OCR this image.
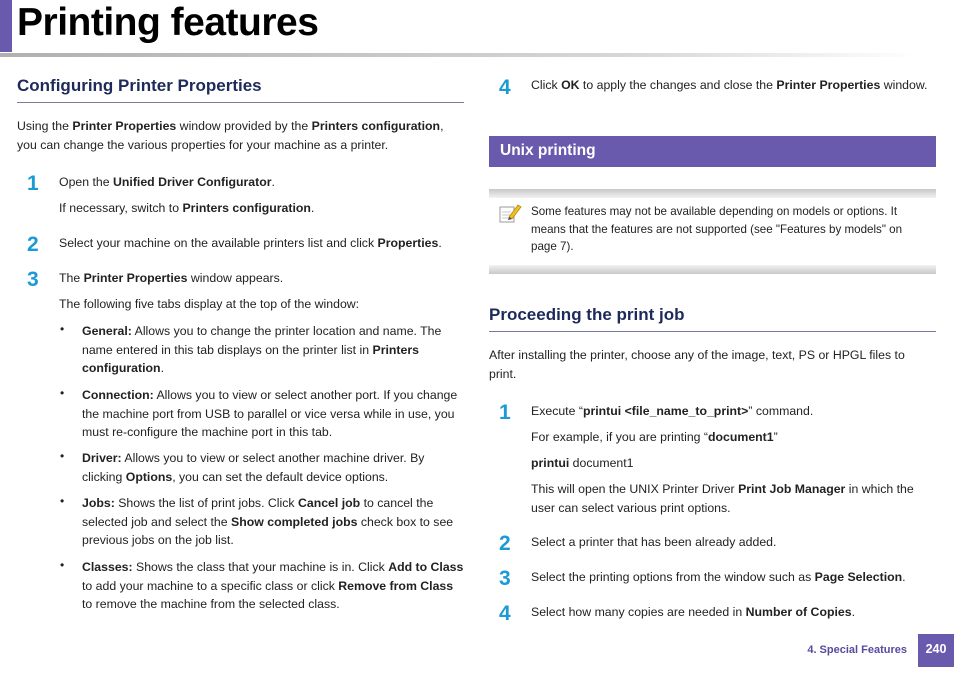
Printing features
Configuring Printer Properties
Using the Printer Properties window provided by the Printers configuration,
you can change the various properties for your machine as a printer.
1 Open the Unified Driver Configurator.
If necessary, switch to Printers configuration.
2 Select your machine on the available printers list and click Properties.
3 The Printer Properties window appears.
The following five tabs display at the top of the window:
• General: Allows you to change the printer location and name. The
name entered in this tab displays on the printer list in Printers
configuration.
• Connection: Allows you to view or select another port. If you change
the machine port from USB to parallel or vice versa while in use, you
must re-configure the machine port in this tab.
• Driver: Allows you to view or select another machine driver. By
clicking Options, you can set the default device options.
• Jobs: Shows the list of print jobs. Click Cancel job to cancel the
selected job and select the Show completed jobs check box to see
previous jobs on the job list.
• Classes: Shows the class that your machine is in. Click Add to Class
to add your machine to a specific class or click Remove from Class
to remove the machine from the selected class.
4 Click OK to apply the changes and close the Printer Properties window.
Unix printing
Some features may not be available depending on models or options. It
means that the features are not supported (see "Features by models" on
page 7).
Proceeding the print job
After installing the printer, choose any of the image, text, PS or HPGL files to
print.
1 Execute “printui <file_name_to_print>” command.
For example, if you are printing “document1”
printui document1
This will open the UNIX Printer Driver Print Job Manager in which the
user can select various print options.
2 Select a printer that has been already added.
3 Select the printing options from the window such as Page Selection.
4 Select how many copies are needed in Number of Copies.
4. Special Features	240
